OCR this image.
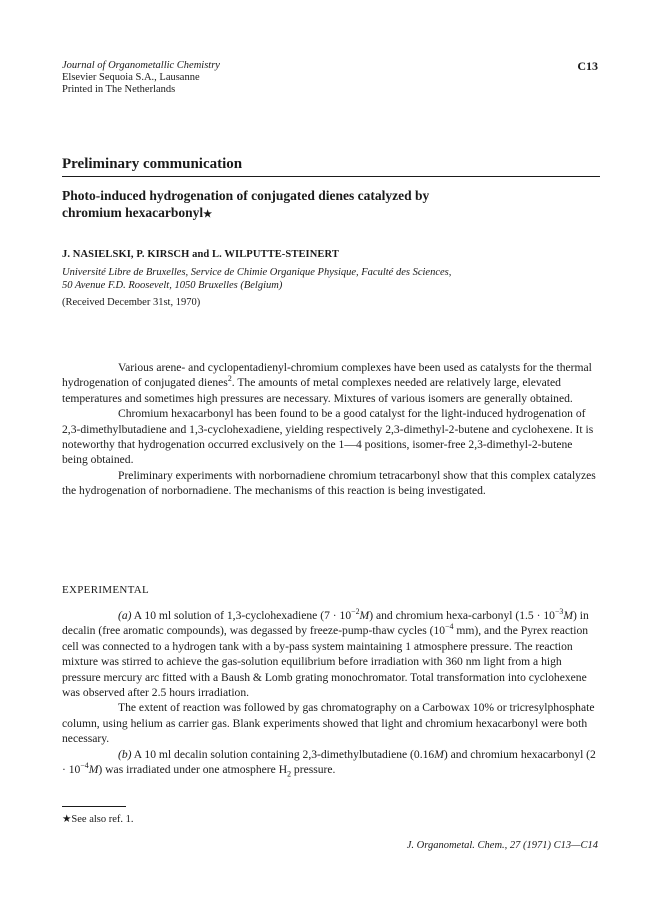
Journal of Organometallic Chemistry
Elsevier Sequoia S.A., Lausanne
Printed in The Netherlands
C13
Preliminary communication
Photo-induced hydrogenation of conjugated dienes catalyzed by
chromium hexacarbonyl★
J. NASIELSKI, P. KIRSCH and L. WILPUTTE-STEINERT
Université Libre de Bruxelles, Service de Chimie Organique Physique, Faculté des Sciences,
50 Avenue F.D. Roosevelt, 1050 Bruxelles (Belgium)
(Received December 31st, 1970)

Various arene- and cyclopentadienyl-chromium complexes have been used as catalysts for the thermal hydrogenation of conjugated dienes$^2$. The amounts of metal complexes needed are relatively large, elevated temperatures and sometimes high pressures are necessary. Mixtures of various isomers are generally obtained.

Chromium hexacarbonyl has been found to be a good catalyst for the light-induced hydrogenation of 2,3-dimethylbutadiene and 1,3-cyclohexadiene, yielding respectively 2,3-dimethyl-2-butene and cyclohexene. It is noteworthy that hydrogenation occurred exclusively on the 1—4 positions, isomer-free 2,3-dimethyl-2-butene being obtained.

Preliminary experiments with norbornadiene chromium tetracarbonyl show that this complex catalyzes the hydrogenation of norbornadiene. The mechanisms of this reaction is being investigated.

EXPERIMENTAL

(a) A 10 ml solution of 1,3-cyclohexadiene $(7 \cdot 10^{-2}M)$ and chromium hexa-carbonyl $(1.5 \cdot 10^{-3}M)$ in decalin (free aromatic compounds), was degassed by freeze-pump-thaw cycles ($10^{-4}$ mm), and the Pyrex reaction cell was connected to a hydrogen tank with a by-pass system maintaining 1 atmosphere pressure. The reaction mixture was stirred to achieve the gas-solution equilibrium before irradiation with 360 nm light from a high pressure mercury arc fitted with a Baush & Lomb grating monochromator. Total transformation into cyclohexene was observed after 2.5 hours irradiation.

The extent of reaction was followed by gas chromatography on a Carbowax 10% or tricresylphosphate column, using helium as carrier gas. Blank experiments showed that light and chromium hexacarbonyl were both necessary.

(b) A 10 ml decalin solution containing 2,3-dimethylbutadiene (0.16M) and chromium hexacarbonyl $(2 \cdot 10^{-4}M)$ was irradiated under one atmosphere $H_2$ pressure.

★See also ref. 1.
J. Organometal. Chem., 27 (1971) C13—C14
